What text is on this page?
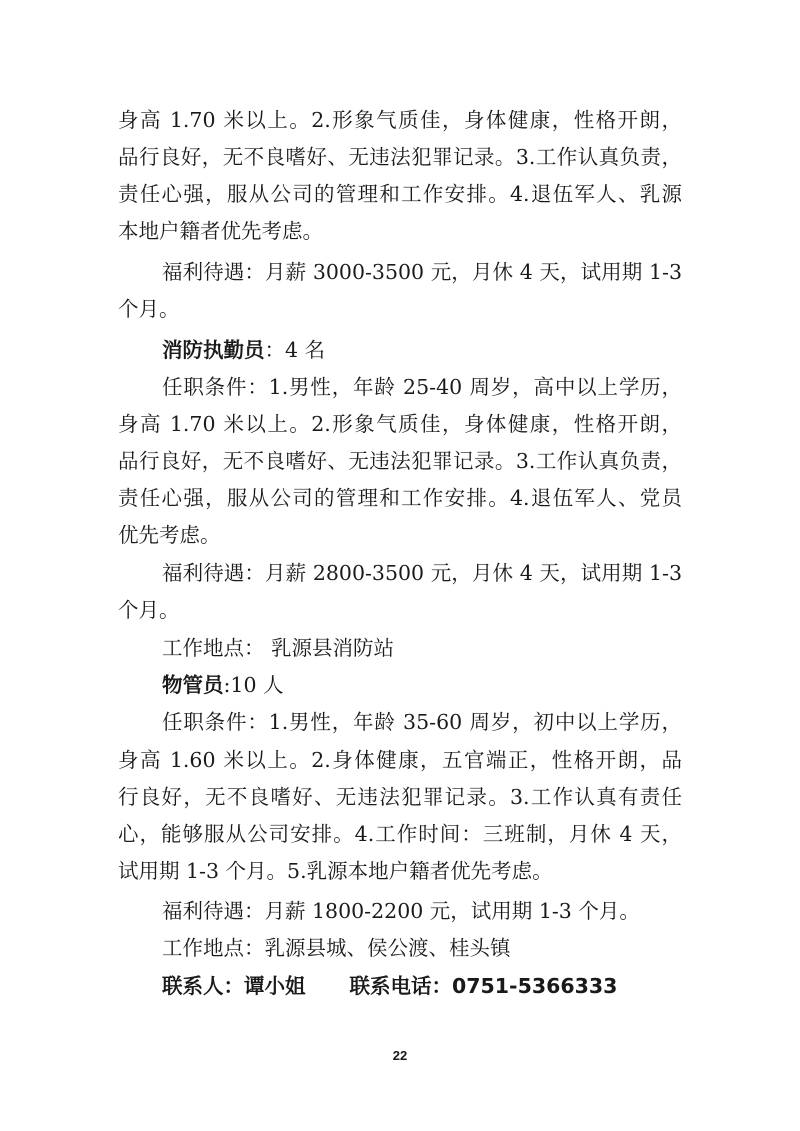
身高 1.70 米以上。2.形象气质佳，身体健康，性格开朗，
品行良好，无不良嗜好、无违法犯罪记录。3.工作认真负责，
责任心强，服从公司的管理和工作安排。4.退伍军人、乳源
本地户籍者优先考虑。
福利待遇：月薪 3000-3500 元，月休 4 天，试用期 1-3
个月。
消防执勤员：4 名
任职条件：1.男性，年龄 25-40 周岁，高中以上学历，
身高 1.70 米以上。2.形象气质佳，身体健康，性格开朗，
品行良好，无不良嗜好、无违法犯罪记录。3.工作认真负责，
责任心强，服从公司的管理和工作安排。4.退伍军人、党员
优先考虑。
福利待遇：月薪 2800-3500 元，月休 4 天，试用期 1-3
个月。
工作地点： 乳源县消防站
物管员:10 人
任职条件：1.男性，年龄 35-60 周岁，初中以上学历，
身高 1.60 米以上。2.身体健康，五官端正，性格开朗，品
行良好，无不良嗜好、无违法犯罪记录。3.工作认真有责任
心，能够服从公司安排。4.工作时间：三班制，月休 4 天，
试用期 1-3 个月。5.乳源本地户籍者优先考虑。
福利待遇：月薪 1800-2200 元，试用期 1-3 个月。
工作地点：乳源县城、侯公渡、桂头镇
联系人：谭小姐 联系电话：0751-5366333
22
